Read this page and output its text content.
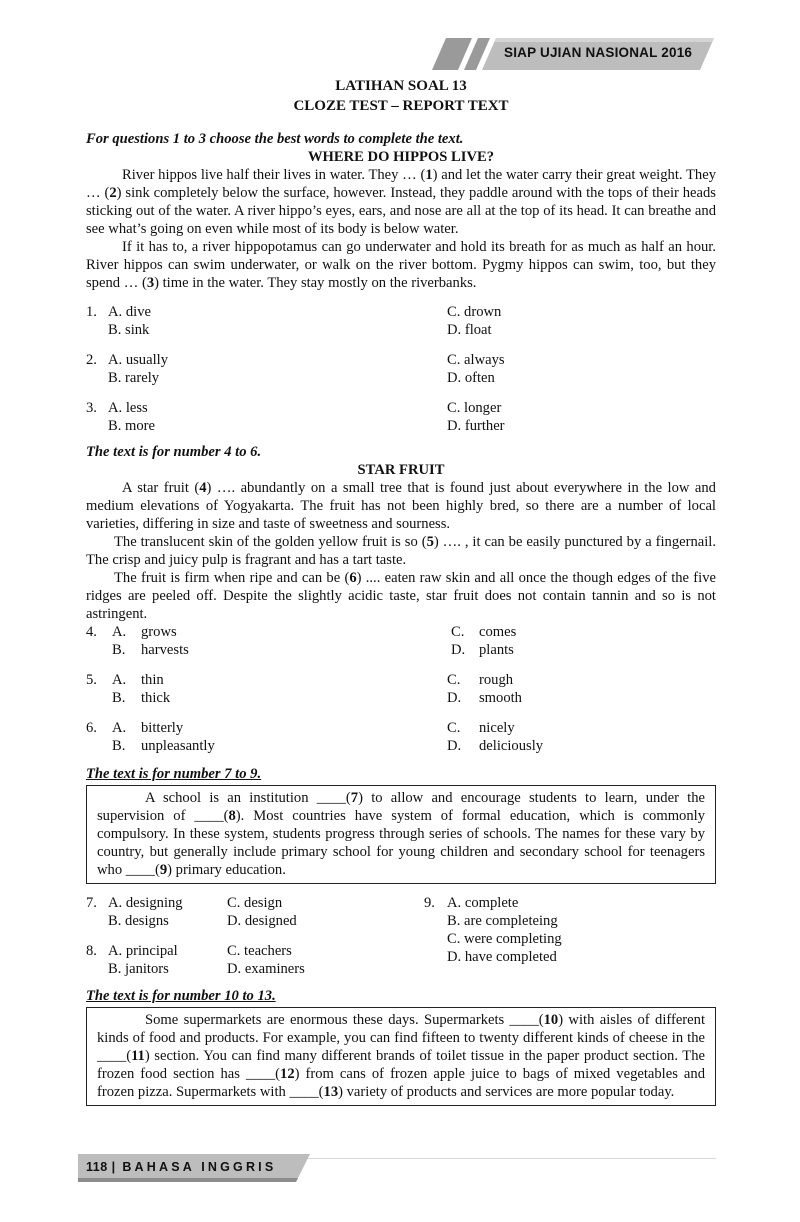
SIAP UJIAN NASIONAL 2016
LATIHAN SOAL 13
CLOZE TEST – REPORT TEXT
For questions 1 to 3 choose the best words to complete the text.
WHERE DO HIPPOS LIVE?
River hippos live half their lives in water. They … (1) and let the water carry their great weight. They … (2) sink completely below the surface, however. Instead, they paddle around with the tops of their heads sticking out of the water. A river hippo’s eyes, ears, and nose are all at the top of its head. It can breathe and see what’s going on even while most of its body is below water.
If it has to, a river hippopotamus can go underwater and hold its breath for as much as half an hour. River hippos can swim underwater, or walk on the river bottom. Pygmy hippos can swim, too, but they spend … (3) time in the water. They stay mostly on the riverbanks.
1. A. dive
B. sink
C. drown
D. float
2. A. usually
B. rarely
C. always
D. often
3. A. less
B. more
C. longer
D. further
The text is for number 4 to 6.
STAR FRUIT
A star fruit (4) …. abundantly on a small tree that is found just about everywhere in the low and medium elevations of Yogyakarta. The fruit has not been highly bred, so there are a number of local varieties, differing in size and taste of sweetness and sourness.
The translucent skin of the golden yellow fruit is so (5) …. , it can be easily punctured by a fingernail. The crisp and juicy pulp is fragrant and has a tart taste.
The fruit is firm when ripe and can be (6) .... eaten raw skin and all once the though edges of the five ridges are peeled off. Despite the slightly acidic taste, star fruit does not contain tannin and so is not astringent.
4. A. grows
B. harvests
C. comes
D. plants
5. A. thin
B. thick
C. rough
D. smooth
6. A. bitterly
B. unpleasantly
C. nicely
D. deliciously
The text is for number 7 to 9.
A school is an institution ____(7) to allow and encourage students to learn, under the supervision of ____(8). Most countries have system of formal education, which is commonly compulsory. In these system, students progress through series of schools. The names for these vary by country, but generally include primary school for young children and secondary school for teenagers who ____(9) primary education.
7. A. designing
B. designs
C. design
D. designed
8. A. principal
B. janitors
C. teachers
D. examiners
9. A. complete
B. are completeing
C. were completing
D. have completed
The text is for number 10 to 13.
Some supermarkets are enormous these days. Supermarkets ____(10) with aisles of different kinds of food and products. For example, you can find fifteen to twenty different kinds of cheese in the ____(11) section. You can find many different brands of toilet tissue in the paper product section. The frozen food section has ____(12) from cans of frozen apple juice to bags of mixed vegetables and frozen pizza. Supermarkets with ____(13) variety of products and services are more popular today.
118 | BAHASA INGGRIS
